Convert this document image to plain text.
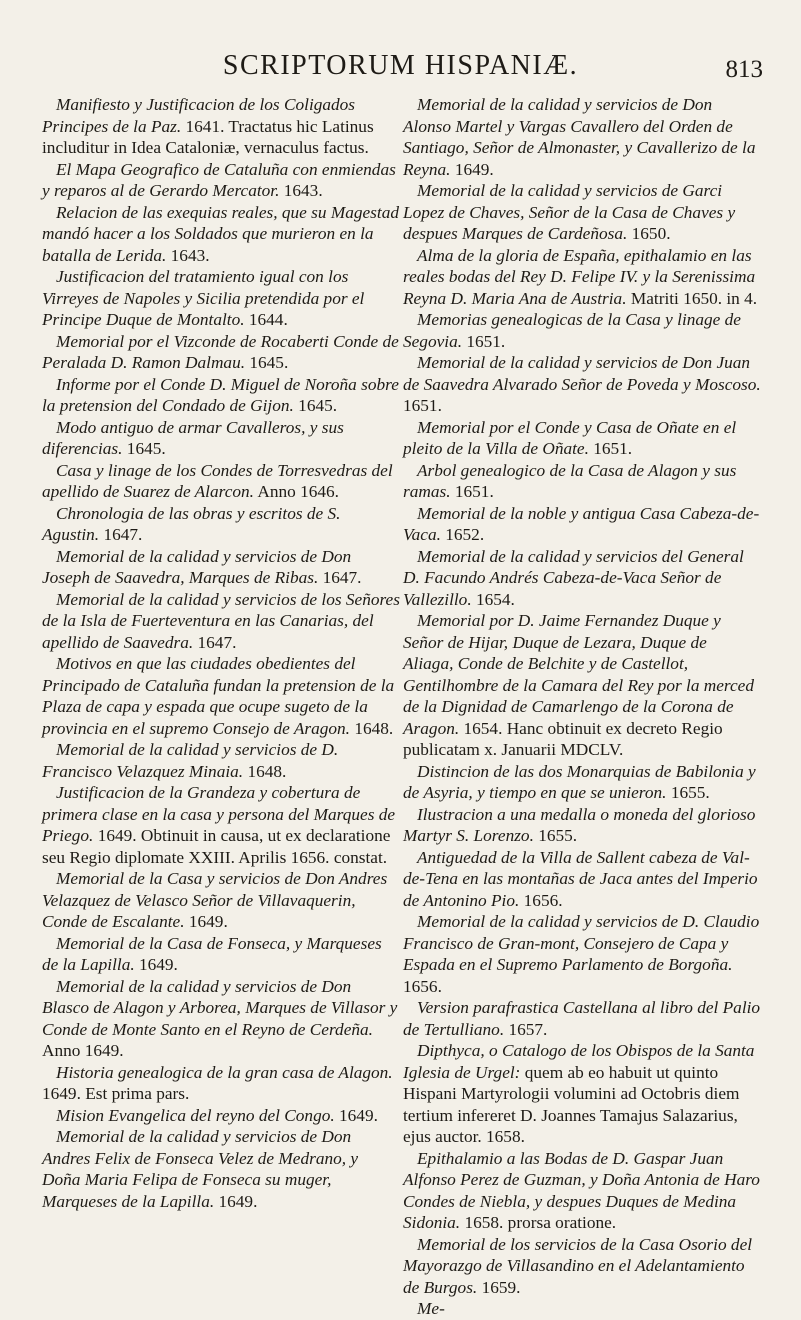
SCRIPTORUM HISPANIÆ.	813

Manifiesto y Justificacion de los Coligados Principes de la Paz. 1641. Tractatus hic Latinus includitur in Idea Cataloniæ, vernaculus factus.

El Mapa Geografico de Cataluña con enmiendas y reparos al de Gerardo Mercator. 1643.

Relacion de las exequias reales, que su Magestad mandó hacer a los Soldados que murieron en la batalla de Lerida. 1643.

Justificacion del tratamiento igual con los Virreyes de Napoles y Sicilia pretendida por el Principe Duque de Montalto. 1644.

Memorial por el Vizconde de Rocaberti Conde de Peralada D. Ramon Dalmau. 1645.

Informe por el Conde D. Miguel de Noroña sobre la pretension del Condado de Gijon. 1645.

Modo antiguo de armar Cavalleros, y sus diferencias. 1645.

Casa y linage de los Condes de Torresvedras del apellido de Suarez de Alarcon. Anno 1646.

Chronologia de las obras y escritos de S. Agustin. 1647.

Memorial de la calidad y servicios de Don Joseph de Saavedra, Marques de Ribas. 1647.

Memorial de la calidad y servicios de los Señores de la Isla de Fuerteventura en las Canarias, del apellido de Saavedra. 1647.

Motivos en que las ciudades obedientes del Principado de Cataluña fundan la pretension de la Plaza de capa y espada que ocupe sugeto de la provincia en el supremo Consejo de Aragon. 1648.

Memorial de la calidad y servicios de D. Francisco Velazquez Minaia. 1648.

Justificacion de la Grandeza y cobertura de primera clase en la casa y persona del Marques de Priego. 1649. Obtinuit in causa, ut ex declaratione seu Regio diplomate XXIII. Aprilis 1656. constat.

Memorial de la Casa y servicios de Don Andres Velazquez de Velasco Señor de Villavaquerin, Conde de Escalante. 1649.

Memorial de la Casa de Fonseca, y Marqueses de la Lapilla. 1649.

Memorial de la calidad y servicios de Don Blasco de Alagon y Arborea, Marques de Villasor y Conde de Monte Santo en el Reyno de Cerdeña. Anno 1649.

Historia genealogica de la gran casa de Alagon. 1649. Est prima pars.

Mision Evangelica del reyno del Congo. 1649.

Memorial de la calidad y servicios de Don Andres Felix de Fonseca Velez de Medrano, y Doña Maria Felipa de Fonseca su muger, Marqueses de la Lapilla. 1649.

Memorial de la calidad y servicios de Don Alonso Martel y Vargas Cavallero del Orden de Santiago, Señor de Almonaster, y Cavallerizo de la Reyna. 1649.

Memorial de la calidad y servicios de Garci Lopez de Chaves, Señor de la Casa de Chaves y despues Marques de Cardeñosa. 1650.

Alma de la gloria de España, epithalamio en las reales bodas del Rey D. Felipe IV. y la Serenissima Reyna D. Maria Ana de Austria. Matriti 1650. in 4.

Memorias genealogicas de la Casa y linage de Segovia. 1651.

Memorial de la calidad y servicios de Don Juan de Saavedra Alvarado Señor de Poveda y Moscoso. 1651.

Memorial por el Conde y Casa de Oñate en el pleito de la Villa de Oñate. 1651.

Arbol genealogico de la Casa de Alagon y sus ramas. 1651.

Memorial de la noble y antigua Casa Cabeza-de-Vaca. 1652.

Memorial de la calidad y servicios del General D. Facundo Andrés Cabeza-de-Vaca Señor de Vallezillo. 1654.

Memorial por D. Jaime Fernandez Duque y Señor de Hijar, Duque de Lezara, Duque de Aliaga, Conde de Belchite y de Castellot, Gentilhombre de la Camara del Rey por la merced de la Dignidad de Camarlengo de la Corona de Aragon. 1654. Hanc obtinuit ex decreto Regio publicatam x. Januarii MDCLV.

Distincion de las dos Monarquias de Babilonia y de Asyria, y tiempo en que se unieron. 1655.

Ilustracion a una medalla o moneda del glorioso Martyr S. Lorenzo. 1655.

Antiguedad de la Villa de Sallent cabeza de Val-de-Tena en las montañas de Jaca antes del Imperio de Antonino Pio. 1656.

Memorial de la calidad y servicios de D. Claudio Francisco de Gran-mont, Consejero de Capa y Espada en el Supremo Parlamento de Borgoña. 1656.

Version parafrastica Castellana al libro del Palio de Tertulliano. 1657.

Dipthyca, o Catalogo de los Obispos de la Santa Iglesia de Urgel: quem ab eo habuit ut quinto Hispani Martyrologii volumini ad Octobris diem tertium infereret D. Joannes Tamajus Salazarius, ejus auctor. 1658.

Epithalamio a las Bodas de D. Gaspar Juan Alfonso Perez de Guzman, y Doña Antonia de Haro Condes de Niebla, y despues Duques de Medina Sidonia. 1658. prorsa oratione.

Memorial de los servicios de la Casa Osorio del Mayorazgo de Villasandino en el Adelantamiento de Burgos. 1659.

Me-
